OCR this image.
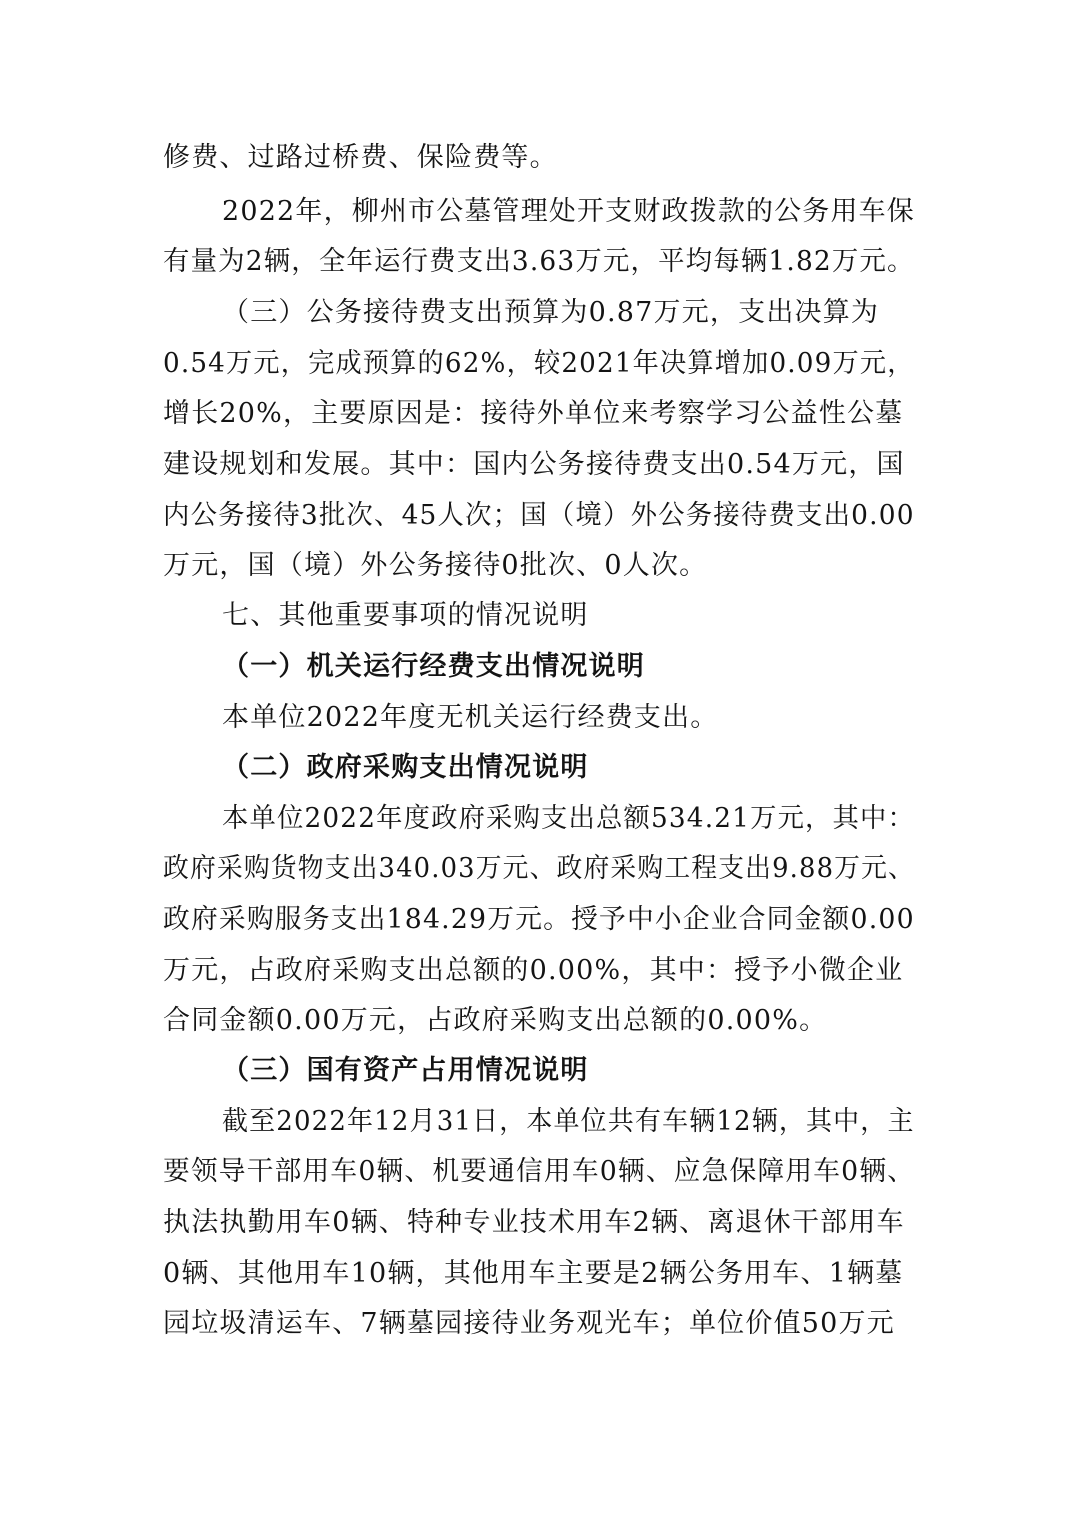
修费、过路过桥费、保险费等。
2022年，柳州市公墓管理处开支财政拨款的公务用车保
有量为2辆，全年运行费支出3.63万元，平均每辆1.82万元。
（三）公务接待费支出预算为0.87万元，支出决算为
0.54万元，完成预算的62%，较2021年决算增加0.09万元，
增长20%，主要原因是：接待外单位来考察学习公益性公墓
建设规划和发展。其中：国内公务接待费支出0.54万元，国
内公务接待3批次、45人次；国（境）外公务接待费支出0.00
万元，国（境）外公务接待0批次、0人次。
七、其他重要事项的情况说明
（一）机关运行经费支出情况说明
本单位2022年度无机关运行经费支出。
（二）政府采购支出情况说明
本单位2022年度政府采购支出总额534.21万元，其中：
政府采购货物支出340.03万元、政府采购工程支出9.88万元、
政府采购服务支出184.29万元。授予中小企业合同金额0.00
万元，占政府采购支出总额的0.00%，其中：授予小微企业
合同金额0.00万元，占政府采购支出总额的0.00%。
（三）国有资产占用情况说明
截至2022年12月31日，本单位共有车辆12辆，其中，主
要领导干部用车0辆、机要通信用车0辆、应急保障用车0辆、
执法执勤用车0辆、特种专业技术用车2辆、离退休干部用车
0辆、其他用车10辆，其他用车主要是2辆公务用车、1辆墓
园垃圾清运车、7辆墓园接待业务观光车；单位价值50万元
